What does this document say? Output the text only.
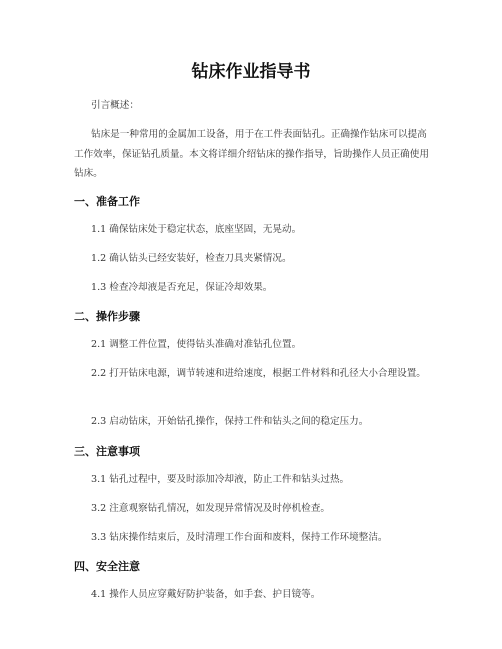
钻床作业指导书
引言概述：
钻床是一种常用的金属加工设备，用于在工件表面钻孔。正确操作钻床可以提高工作效率，保证钻孔质量。本文将详细介绍钻床的操作指导，旨助操作人员正确使用钻床。
一、准备工作
1.1 确保钻床处于稳定状态，底座坚固，无晃动。
1.2 确认钻头已经安装好，检查刀具夹紧情况。
1.3 检查冷却液是否充足，保证冷却效果。
二、操作步骤
2.1 调整工件位置，使得钻头准确对准钻孔位置。
2.2 打开钻床电源，调节转速和进给速度，根据工件材料和孔径大小合理设置。
2.3 启动钻床，开始钻孔操作，保持工件和钻头之间的稳定压力。
三、注意事项
3.1 钻孔过程中，要及时添加冷却液，防止工件和钻头过热。
3.2 注意观察钻孔情况，如发现异常情况及时停机检查。
3.3 钻床操作结束后，及时清理工作台面和废料，保持工作环境整洁。
四、安全注意
4.1 操作人员应穿戴好防护装备，如手套、护目镜等。
